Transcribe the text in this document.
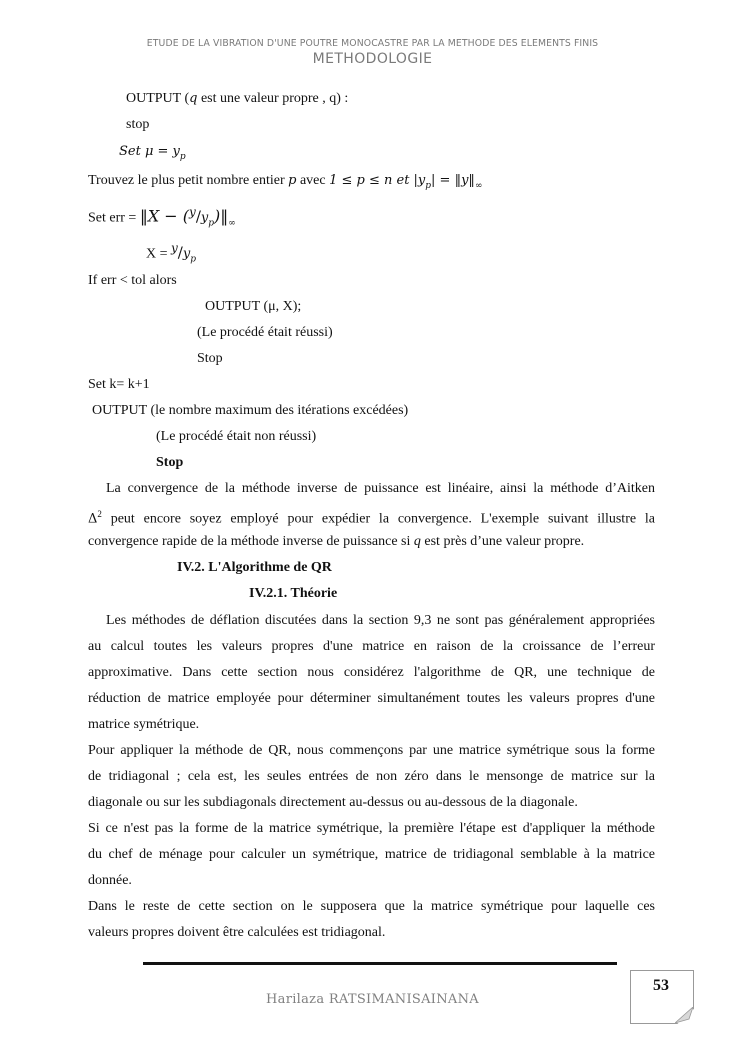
ETUDE DE LA VIBRATION D'UNE POUTRE MONOCASTRE PAR LA METHODE DES ELEMENTS FINIS
METHODOLOGIE
OUTPUT (q est une valeur propre , q) :
stop
Set $\mu = y_p$
Trouvez le plus petit nombre entier p avec 1 ≤ p ≤ n et $|y_p|$ = $‖y‖_\infty$
Set err = ‖X − $(^y/y_p)‖_\infty$
$X = ^y/y_p$
If err < tol alors
OUTPUT (μ, X);
(Le procédé était réussi)
Stop
Set k= k+1
OUTPUT (le nombre maximum des itérations excédées)
(Le procédé était non réussi)
Stop
La convergence de la méthode inverse de puissance est linéaire, ainsi la méthode d’Aitken
$\Delta^2$ peut encore soyez employé pour expédier la convergence. L'exemple suivant illustre la
convergence rapide de la méthode inverse de puissance si q est près d’une valeur propre.
IV.2. L'Algorithme de QR
IV.2.1. Théorie
Les méthodes de déflation discutées dans la section 9,3 ne sont pas généralement appropriées
au calcul toutes les valeurs propres d'une matrice en raison de la croissance de l’erreur
approximative. Dans cette section nous considérez l'algorithme de QR, une technique de
réduction de matrice employée pour déterminer simultanément toutes les valeurs propres d'une
matrice symétrique.
Pour appliquer la méthode de QR, nous commençons par une matrice symétrique sous la forme
de tridiagonal ; cela est, les seules entrées de non zéro dans le mensonge de matrice sur la
diagonale ou sur les subdiagonals directement au-dessus ou au-dessous de la diagonale.
Si ce n'est pas la forme de la matrice symétrique, la première l'étape est d'appliquer la méthode
du chef de ménage pour calculer un symétrique, matrice de tridiagonal semblable à la matrice
donnée.
Dans le reste de cette section on le supposera que la matrice symétrique pour laquelle ces
valeurs propres doivent être calculées est tridiagonal.
Harilaza RATSIMANISAINANA
53
